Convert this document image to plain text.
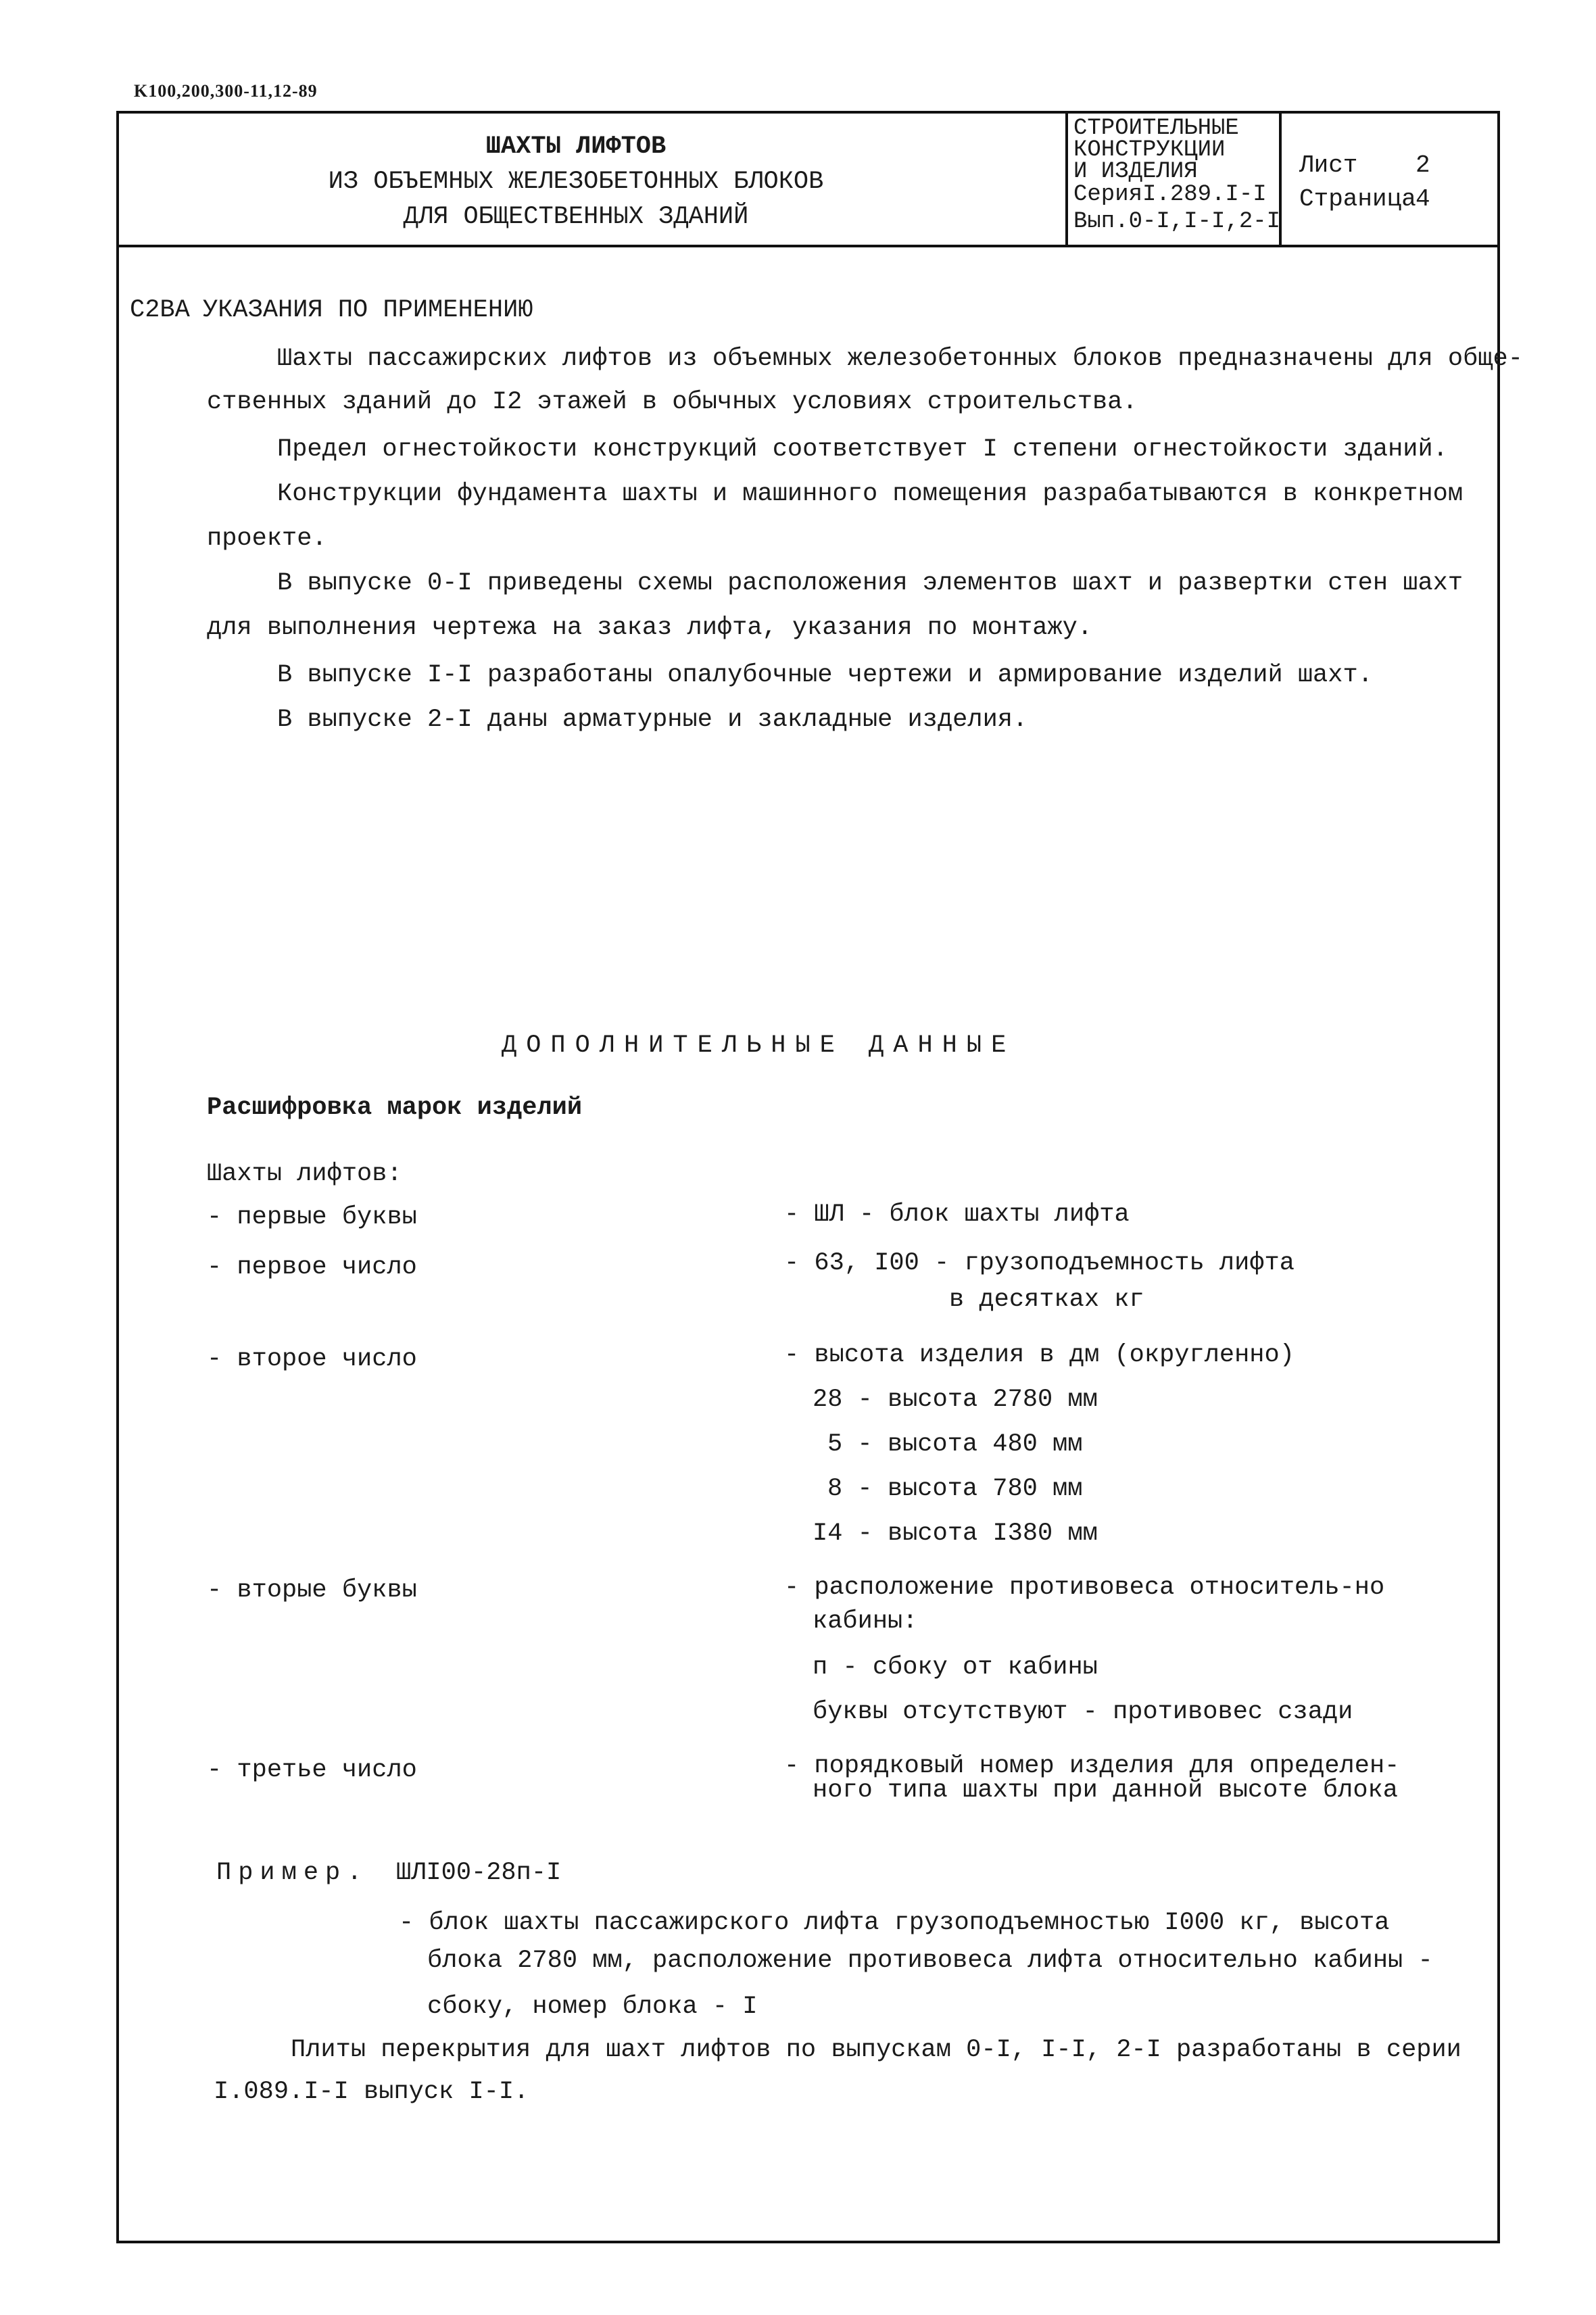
K100,200,300-11,12-89
ШАХТЫ ЛИФТОВ
ИЗ ОБЪЕМНЫХ ЖЕЛЕЗОБЕТОННЫХ БЛОКОВ
ДЛЯ ОБЩЕСТВЕННЫХ ЗДАНИЙ
СТРОИТЕЛЬНЫЕ
КОНСТРУКЦИИ
И ИЗДЕЛИЯ
СерияI.289.I-I
Вып.0-I,I-I,2-I
Лист 2
Страница 4
C2BA УКАЗАНИЯ ПО ПРИМЕНЕНИЮ
Шахты пассажирских лифтов из объемных железобетонных блоков предназначены для обще-
ственных зданий до I2 этажей в обычных условиях строительства.
Предел огнестойкости конструкций соответствует I степени огнестойкости зданий.
Конструкции фундамента шахты и машинного помещения разрабатываются в конкретном
проекте.
В выпуске 0-I приведены схемы расположения элементов шахт и развертки стен шахт
для выполнения чертежа на заказ лифта, указания по монтажу.
В выпуске I-I разработаны опалубочные чертежи и армирование изделий шахт.
В выпуске 2-I даны арматурные и закладные изделия.
ДОПОЛНИТЕЛЬНЫЕ ДАННЫЕ
Расшифровка марок изделий
Шахты лифтов:
- первые буквы
- первое число
- второе число
- вторые буквы
- третье число
- ШЛ - блок шахты лифта
- 63, I00 - грузоподъемность лифта
в десятках кг
- высота изделия в дм (округленно)
28 - высота 2780 мм
5 - высота 480 мм
8 - высота 780 мм
I4 - высота I380 мм
- расположение противовеса относитель-но
кабины:
п - сбоку от кабины
буквы отсутствуют - противовес сзади
- порядковый номер изделия для определен-
ного типа шахты при данной высоте блока
Пример. ШЛI00-28п-I
- блок шахты пассажирского лифта грузоподъемностью I000 кг, высота
блока 2780 мм, расположение противовеса лифта относительно кабины -
сбоку, номер блока - I
Плиты перекрытия для шахт лифтов по выпускам 0-I, I-I, 2-I разработаны в серии
I.089.I-I выпуск I-I.
